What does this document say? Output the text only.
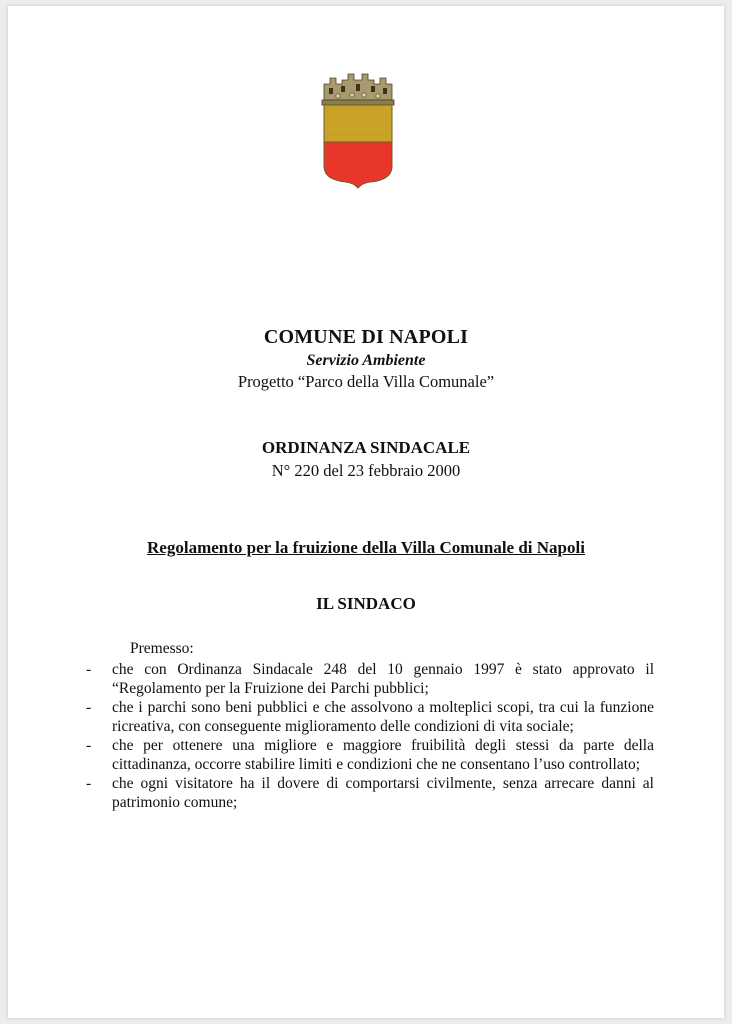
COMUNE DI NAPOLI
Servizio Ambiente
Progetto “Parco della Villa Comunale”
ORDINANZA SINDACALE
N° 220 del 23 febbraio 2000
Regolamento per la fruizione della Villa Comunale di Napoli
IL SINDACO
Premesso:
- che con Ordinanza Sindacale 248 del 10 gennaio 1997 è stato approvato il “Regolamento per la Fruizione dei Parchi pubblici;
- che i parchi sono beni pubblici e che assolvono a molteplici scopi, tra cui la funzione ricreativa, con conseguente miglioramento delle condizioni di vita sociale;
- che per ottenere una migliore e maggiore fruibilità degli stessi da parte della cittadinanza, occorre stabilire limiti e condizioni che ne consentano l’uso controllato;
- che ogni visitatore ha il dovere di comportarsi civilmente, senza arrecare danni al patrimonio comune;
